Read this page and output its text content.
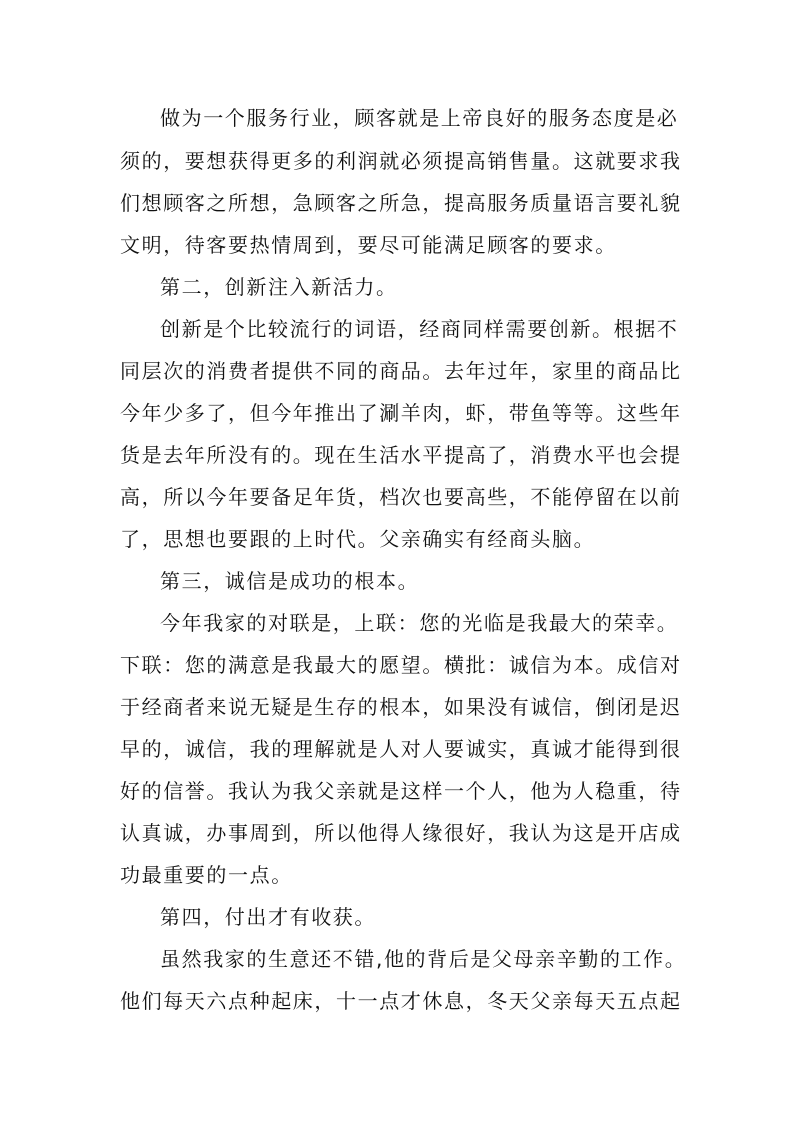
做为一个服务行业，顾客就是上帝良好的服务态度是必
须的，要想获得更多的利润就必须提高销售量。这就要求我
们想顾客之所想，急顾客之所急，提高服务质量语言要礼貌
文明，待客要热情周到，要尽可能满足顾客的要求。
第二，创新注入新活力。
创新是个比较流行的词语，经商同样需要创新。根据不
同层次的消费者提供不同的商品。去年过年，家里的商品比
今年少多了，但今年推出了涮羊肉，虾，带鱼等等。这些年
货是去年所没有的。现在生活水平提高了，消费水平也会提
高，所以今年要备足年货，档次也要高些，不能停留在以前
了，思想也要跟的上时代。父亲确实有经商头脑。
第三，诚信是成功的根本。
今年我家的对联是，上联：您的光临是我最大的荣幸。
下联：您的满意是我最大的愿望。横批：诚信为本。成信对
于经商者来说无疑是生存的根本，如果没有诚信，倒闭是迟
早的，诚信，我的理解就是人对人要诚实，真诚才能得到很
好的信誉。我认为我父亲就是这样一个人，他为人稳重，待
认真诚，办事周到，所以他得人缘很好，我认为这是开店成
功最重要的一点。
第四，付出才有收获。
虽然我家的生意还不错,他的背后是父母亲辛勤的工作。
他们每天六点种起床，十一点才休息，冬天父亲每天五点起
